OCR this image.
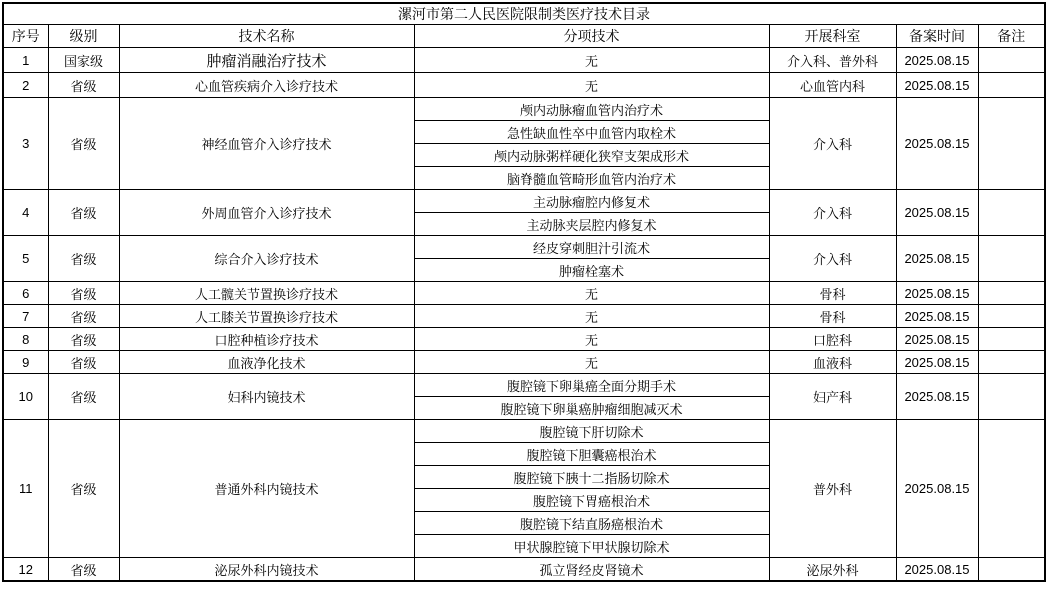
漯河市第二人民医院限制类医疗技术目录						
序号	级别	技术名称	分项技术	开展科室	备案时间	备注
1	国家级	肿瘤消融治疗技术	无	介入科、普外科	2025.08.15	
2	省级	心血管疾病介入诊疗技术	无	心血管内科	2025.08.15	
3	省级	神经血管介入诊疗技术	颅内动脉瘤血管内治疗术	介入科	2025.08.15	
			急性缺血性卒中血管内取栓术			
			颅内动脉粥样硬化狭窄支架成形术			
			脑脊髓血管畸形血管内治疗术			
4	省级	外周血管介入诊疗技术	主动脉瘤腔内修复术	介入科	2025.08.15	
			主动脉夹层腔内修复术			
5	省级	综合介入诊疗技术	经皮穿刺胆汁引流术	介入科	2025.08.15	
			肿瘤栓塞术			
6	省级	人工髋关节置换诊疗技术	无	骨科	2025.08.15	
7	省级	人工膝关节置换诊疗技术	无	骨科	2025.08.15	
8	省级	口腔种植诊疗技术	无	口腔科	2025.08.15	
9	省级	血液净化技术	无	血液科	2025.08.15	
10	省级	妇科内镜技术	腹腔镜下卵巢癌全面分期手术	妇产科	2025.08.15	
			腹腔镜下卵巢癌肿瘤细胞减灭术			
11	省级	普通外科内镜技术	腹腔镜下肝切除术	普外科	2025.08.15	
			腹腔镜下胆囊癌根治术			
			腹腔镜下胰十二指肠切除术			
			腹腔镜下胃癌根治术			
			腹腔镜下结直肠癌根治术			
			甲状腺腔镜下甲状腺切除术			
12	省级	泌尿外科内镜技术	孤立肾经皮肾镜术	泌尿外科	2025.08.15	
